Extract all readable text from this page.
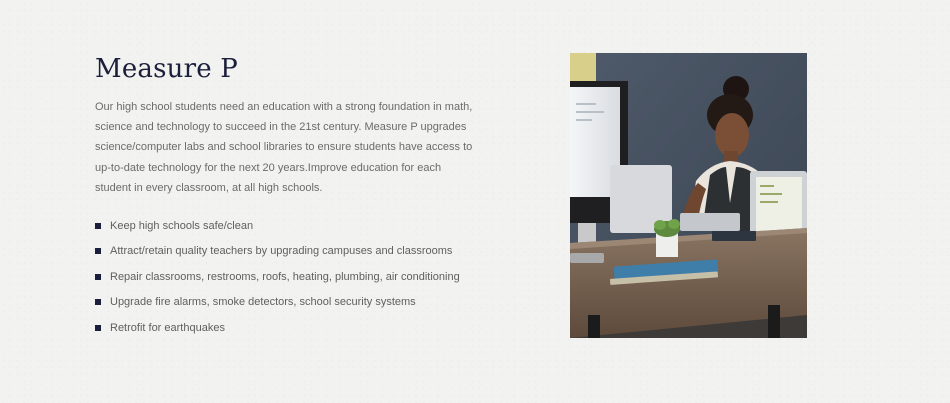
Measure P

Our high school students need an education with a strong foundation in math, science and technology to succeed in the 21st century. Measure P upgrades science/computer labs and school libraries to ensure students have access to up-to-date technology for the next 20 years.Improve education for each student in every classroom, at all high schools.

Keep high schools safe/clean
Attract/retain quality teachers by upgrading campuses and classrooms
Repair classrooms, restrooms, roofs, heating, plumbing, air conditioning
Upgrade fire alarms, smoke detectors, school security systems
Retrofit for earthquakes
